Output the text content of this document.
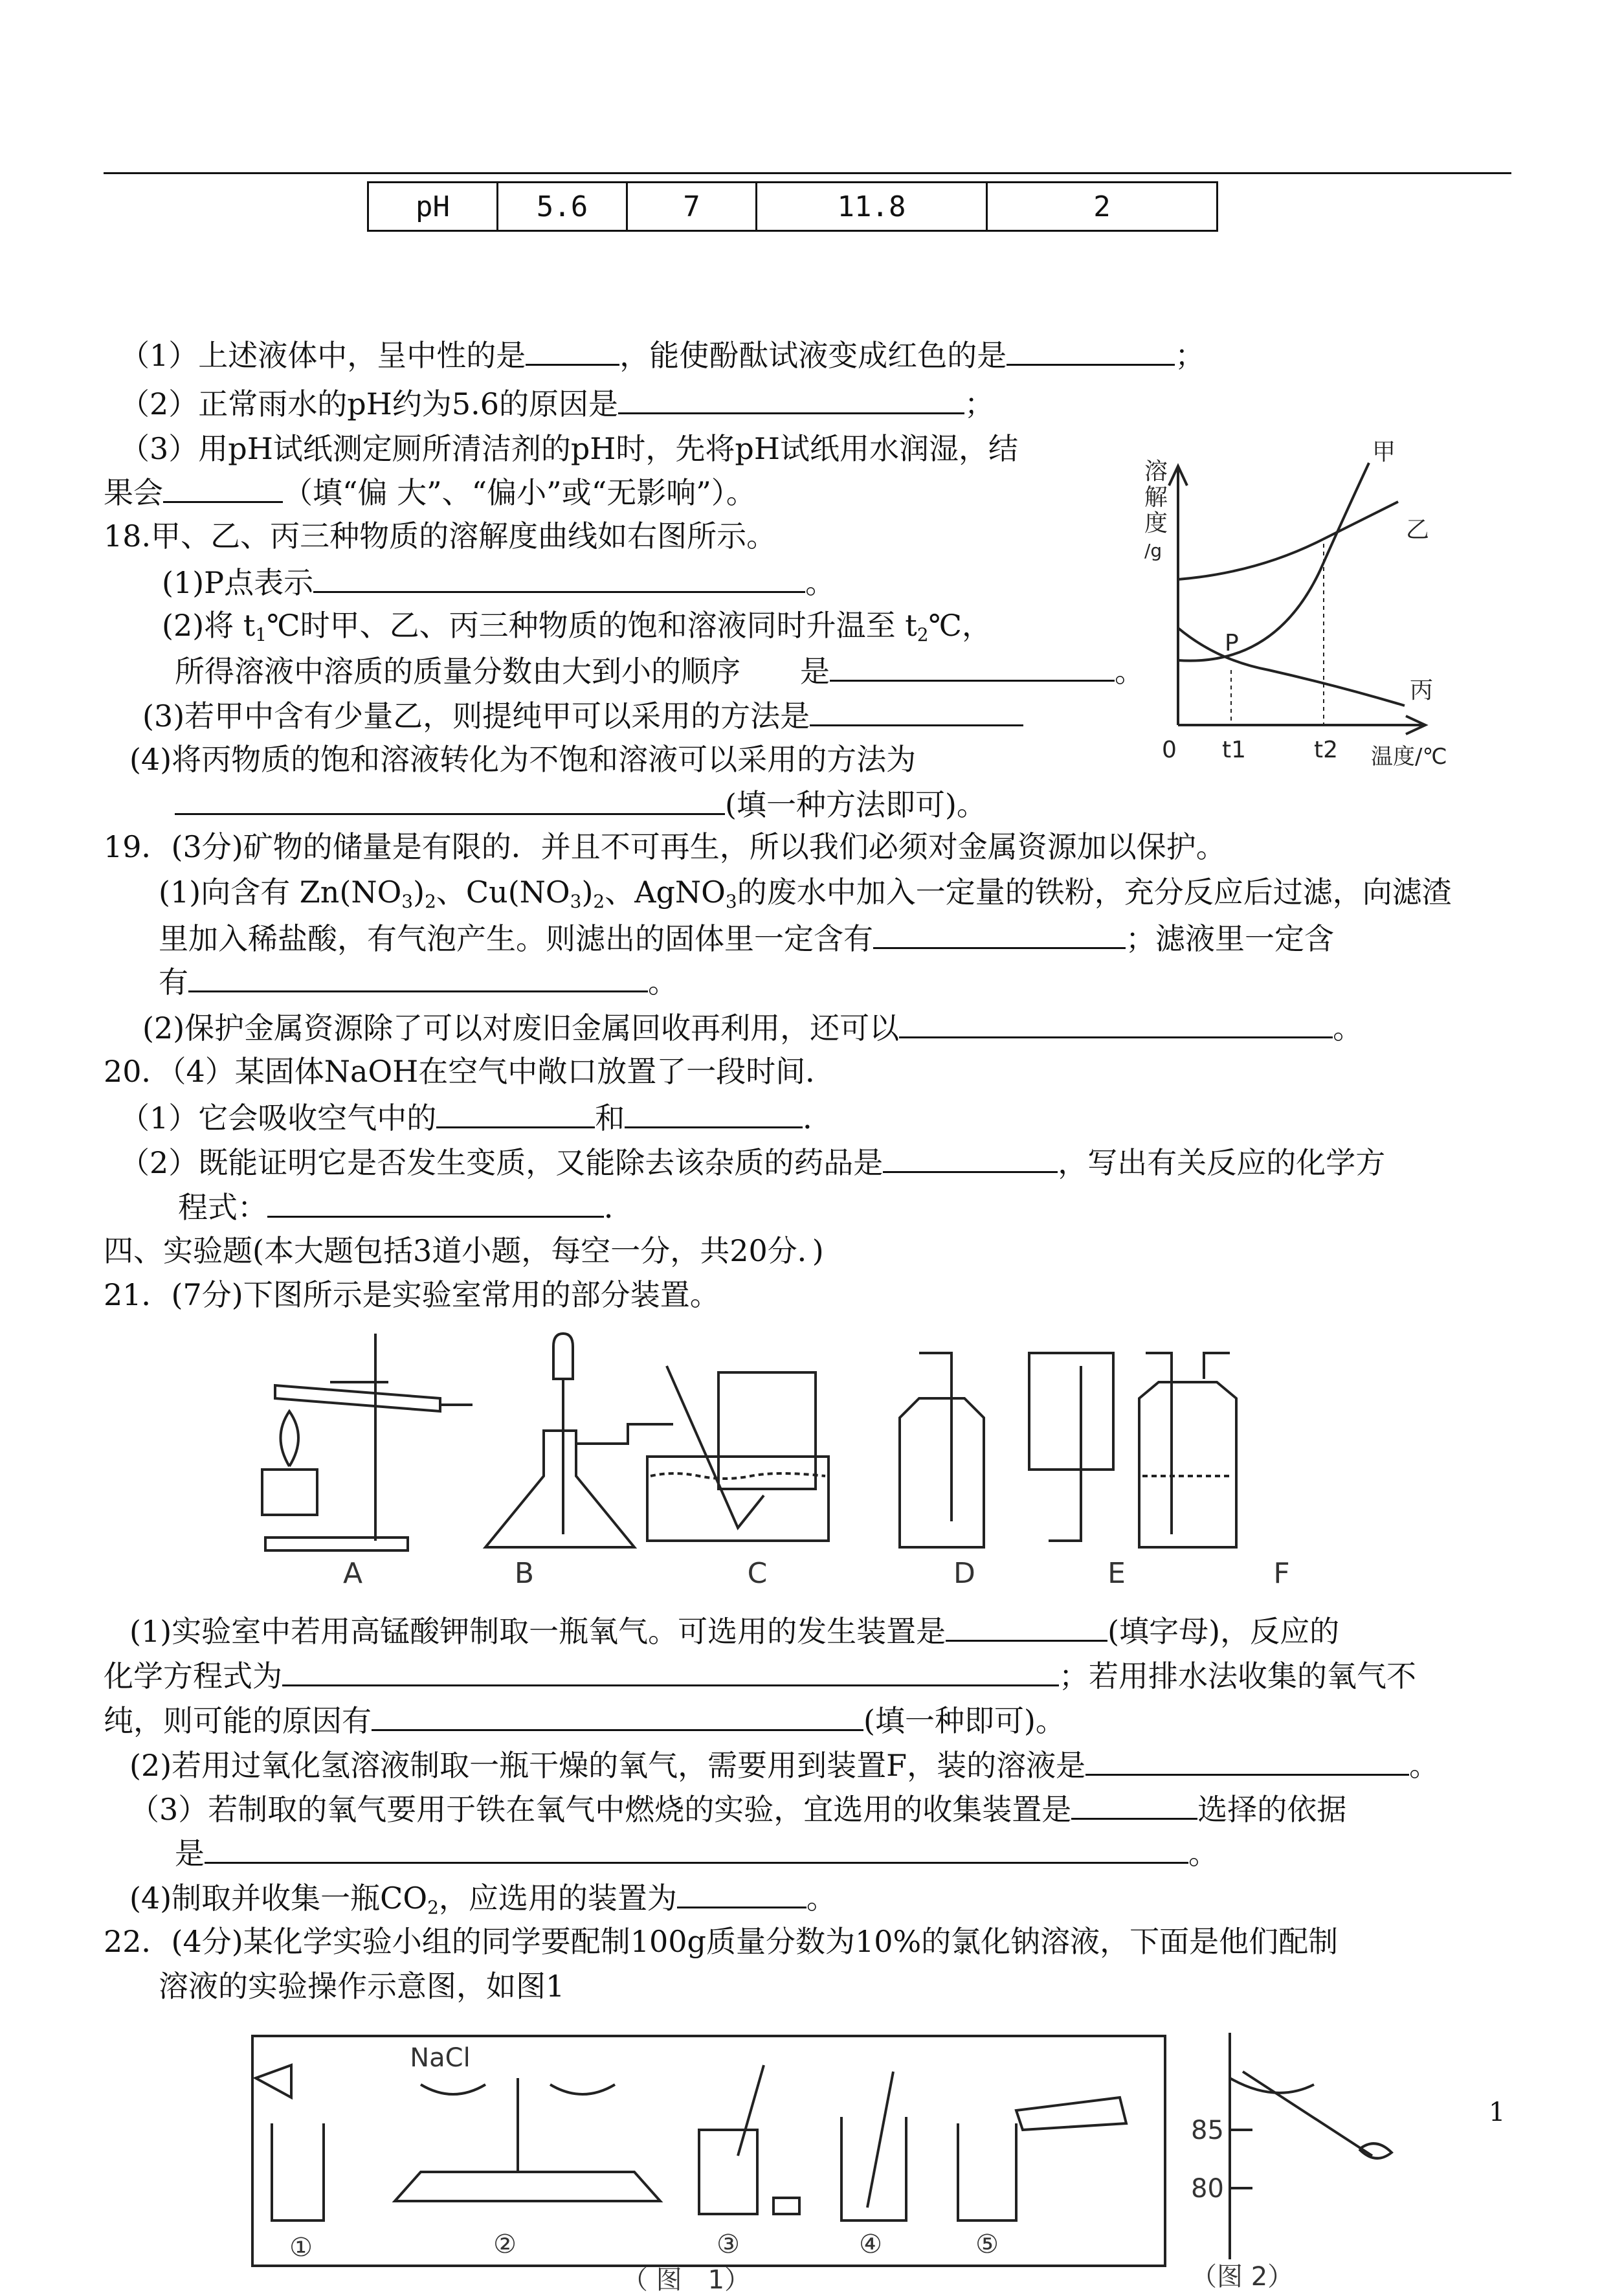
pH	5.6	7	11.8	2
（1）上述液体中，呈中性的是	，能使酚酞试液变成红色的是	；
（2）正常雨水的pH约为5.6的原因是	；
（3）用pH试纸测定厕所清洁剂的pH时，先将pH试纸用水润湿，结
果会	（填“偏 大”、“偏小”或“无影响”）。
18.甲、乙、丙三种物质的溶解度曲线如右图所示。
(1)P点表示	。
(2)将 $t_1℃$时甲、乙、丙三种物质的饱和溶液同时升温至 $t_2℃$，
所得溶液中溶质的质量分数由大到小的顺序　　是	。
(3)若甲中含有少量乙，则提纯甲可以采用的方法是
(4)将丙物质的饱和溶液转化为不饱和溶液可以采用的方法为
(填一种方法即可)。
溶
解
度
/g
甲
乙
丙
P
0 t1	t2 温度/℃
19．(3分)矿物的储量是有限的．并且不可再生，所以我们必须对金属资源加以保护。
(1)向含有 $Zn(NO_3)_2$、$Cu(NO_3)_2$、AgNO$_3$的废水中加入一定量的铁粉，充分反应后过滤，向滤渣
里加入稀盐酸，有气泡产生。则滤出的固体里一定含有	；滤液里一定含
有	。
(2)保护金属资源除了可以对废旧金属回收再利用，还可以	。
20．（4）某固体NaOH在空气中敞口放置了一段时间．
（1）它会吸收空气中的	和	．
（2）既能证明它是否发生变质，又能除去该杂质的药品是	，写出有关反应的化学方
程式：	．
四、实验题(本大题包括3道小题，每空一分，共20分．)
21．(7分)下图所示是实验室常用的部分装置。
A	B	C	D	E	F
(1)实验室中若用高锰酸钾制取一瓶氧气。可选用的发生装置是	(填字母)，反应的
化学方程式为	；若用排水法收集的氧气不
纯，则可能的原因有	(填一种即可)。
(2)若用过氧化氢溶液制取一瓶干燥的氧气，需要用到装置F，装的溶液是	。
（3）若制取的氧气要用于铁在氧气中燃烧的实验，宜选用的收集装置是	选择的依据
是	。
(4)制取并收集一瓶$CO_2$，应选用的装置为	。
22．(4分)某化学实验小组的同学要配制100g质量分数为10%的氯化钠溶液，下面是他们配制
溶液的实验操作示意图，如图1
NaCl
①	②	③	④	⑤
（ 图　1）
85
80
（图 2）
1
